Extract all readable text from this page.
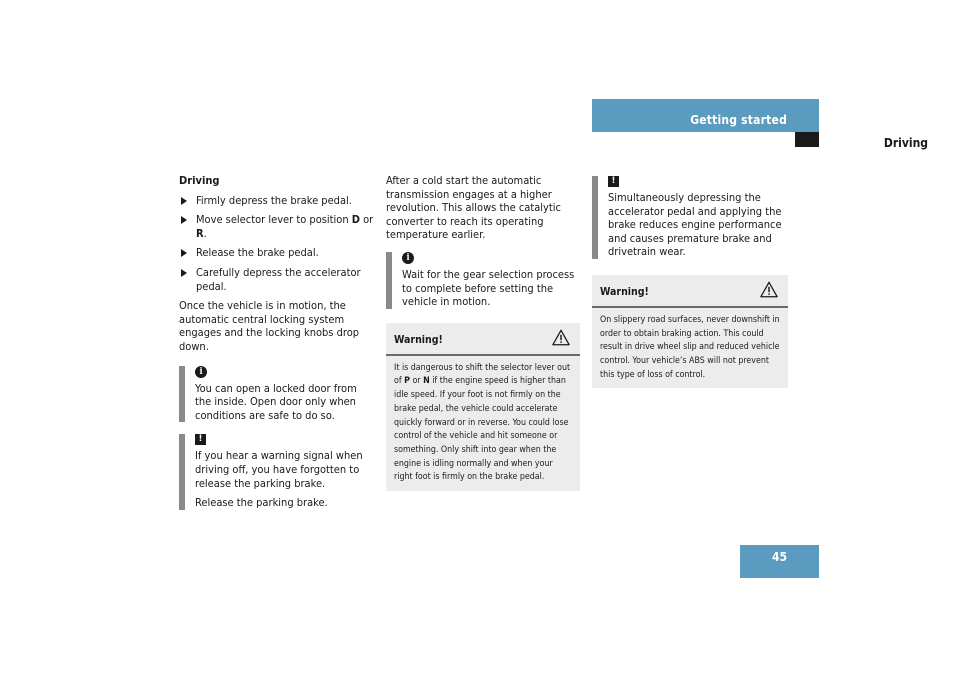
Getting started
Driving
Driving
Firmly depress the brake pedal.
Move selector lever to position D or R.
Release the brake pedal.
Carefully depress the accelerator pedal.

Once the vehicle is in motion, the automatic central locking system engages and the locking knobs drop down.

i

You can open a locked door from the inside. Open door only when conditions are safe to do so.

!

If you hear a warning signal when driving off, you have forgotten to release the parking brake.

Release the parking brake.

After a cold start the automatic transmission engages at a higher revolution. This allows the catalytic converter to reach its operating temperature earlier.

i

Wait for the gear selection process to complete before setting the vehicle in motion.

Warning!
It is dangerous to shift the selector lever out of P or N if the engine speed is higher than idle speed. If your foot is not firmly on the brake pedal, the vehicle could accelerate quickly forward or in reverse. You could lose control of the vehicle and hit someone or something. Only shift into gear when the engine is idling normally and when your right foot is firmly on the brake pedal.
!

Simultaneously depressing the accelerator pedal and applying the brake reduces engine performance and causes premature brake and drivetrain wear.

Warning!
On slippery road surfaces, never downshift in order to obtain braking action. This could result in drive wheel slip and reduced vehicle control. Your vehicle’s ABS will not prevent this type of loss of control.
45
